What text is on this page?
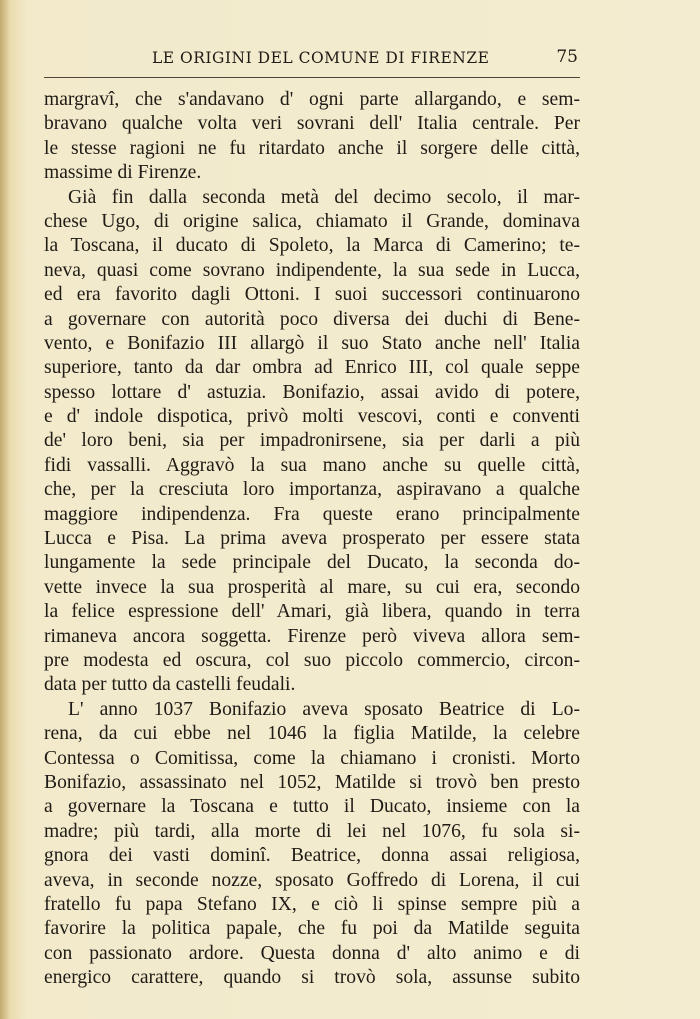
LE ORIGINI DEL COMUNE DI FIRENZE	75
margravî, che s'andavano d' ogni parte allargando, e sem-
bravano qualche volta veri sovrani dell' Italia centrale. Per
le stesse ragioni ne fu ritardato anche il sorgere delle città,
massime di Firenze.
Già fin dalla seconda metà del decimo secolo, il mar-
chese Ugo, di origine salica, chiamato il Grande, dominava
la Toscana, il ducato di Spoleto, la Marca di Camerino; te-
neva, quasi come sovrano indipendente, la sua sede in Lucca,
ed era favorito dagli Ottoni. I suoi successori continuarono
a governare con autorità poco diversa dei duchi di Bene-
vento, e Bonifazio III allargò il suo Stato anche nell' Italia
superiore, tanto da dar ombra ad Enrico III, col quale seppe
spesso lottare d' astuzia. Bonifazio, assai avido di potere,
e d' indole dispotica, privò molti vescovi, conti e conventi
de' loro beni, sia per impadronirsene, sia per darli a più
fidi vassalli. Aggravò la sua mano anche su quelle città,
che, per la cresciuta loro importanza, aspiravano a qualche
maggiore indipendenza. Fra queste erano principalmente
Lucca e Pisa. La prima aveva prosperato per essere stata
lungamente la sede principale del Ducato, la seconda do-
vette invece la sua prosperità al mare, su cui era, secondo
la felice espressione dell' Amari, già libera, quando in terra
rimaneva ancora soggetta. Firenze però viveva allora sem-
pre modesta ed oscura, col suo piccolo commercio, circon-
data per tutto da castelli feudali.
L' anno 1037 Bonifazio aveva sposato Beatrice di Lo-
rena, da cui ebbe nel 1046 la figlia Matilde, la celebre
Contessa o Comitissa, come la chiamano i cronisti. Morto
Bonifazio, assassinato nel 1052, Matilde si trovò ben presto
a governare la Toscana e tutto il Ducato, insieme con la
madre; più tardi, alla morte di lei nel 1076, fu sola si-
gnora dei vasti dominî. Beatrice, donna assai religiosa,
aveva, in seconde nozze, sposato Goffredo di Lorena, il cui
fratello fu papa Stefano IX, e ciò li spinse sempre più a
favorire la politica papale, che fu poi da Matilde seguita
con passionato ardore. Questa donna d' alto animo e di
energico carattere, quando si trovò sola, assunse subito
